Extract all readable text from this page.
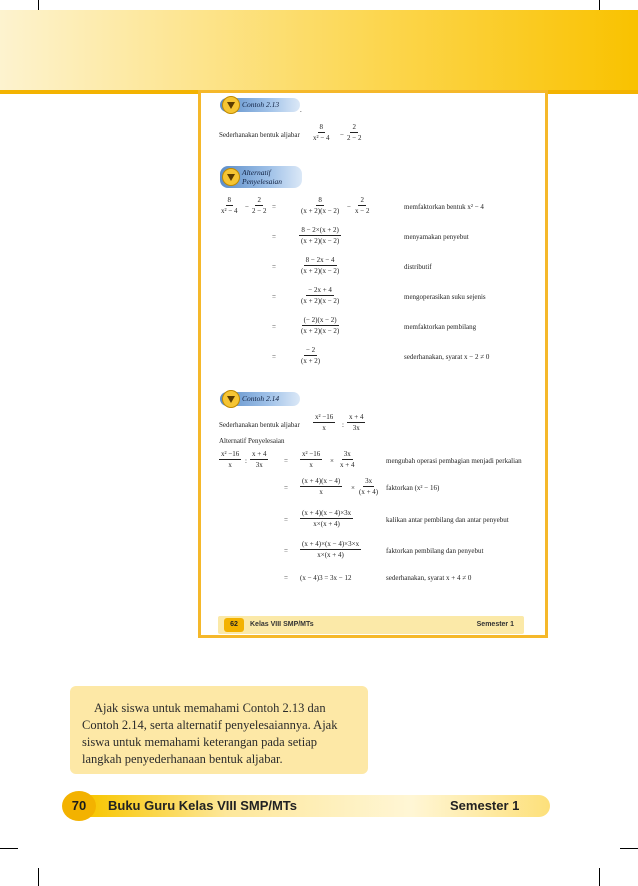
Contoh 2.13
.
Sederhanakan bentuk aljabar $\frac{8}{\text{x² − 4}} - \frac{2}{2 - 2}$
Alternatif
Penyelesaian
$\frac{8}{\text{x² − 4}} - \frac{2}{2 - 2}$ =	$\frac{8}{(x + 2)(x - 2)} - \frac{2}{x - 2}$	memfaktorkan bentuk x² − 4
=	$\frac{8 - 2\times(x + 2)}{(x + 2)(x - 2)}$	menyamakan penyebut
=	$\frac{8 - 2x - 4}{(x + 2)(x - 2)}$	distributif
=	$\frac{- 2x + 4}{(x + 2)(x - 2)}$	mengoperasikan suku sejenis
=	$\frac{(- 2)(x - 2)}{(x + 2)(x - 2)}$	memfaktorkan pembilang
=	$\frac{- 2}{(x + 2)}$	sederhanakan, syarat x − 2 ≠ 0
Contoh 2.14
Sederhanakan bentuk aljabar $\frac{\text{x² −16}}{x}$ : $\frac{x + 4}{3x}$
Alternatif Penyelesaian
$\frac{\text{x² −16}}{x}$ : $\frac{x + 4}{3x} = \frac{\text{x² −16}}{x} \times \frac{3x}{x + 4}$	mengubah operasi pembagian menjadi perkalian
= $\frac{(x + 4)(x - 4)}{x} \times \frac{3x}{(x + 4)}$ faktorkan (x² − 16)
= $\frac{(x + 4)(x - 4)\times 3x}{x\times(x + 4)}$	kalikan antar pembilang dan antar penyebut
= $\frac{(x + 4)\times(x - 4)\times 3\times x}{x\times(x + 4)}$	faktorkan pembilang dan penyebut
= (x − 4)3 = 3x − 12	sederhanakan, syarat x + 4 ≠ 0
62	Kelas VIII SMP/MTs	Semester 1
Ajak siswa untuk memahami Contoh 2.13 dan
Contoh 2.14, serta alternatif penyelesaiannya. Ajak
siswa untuk memahami keterangan pada setiap
langkah penyederhanaan bentuk aljabar.
70	Buku Guru Kelas VIII SMP/MTs	Semester 1
